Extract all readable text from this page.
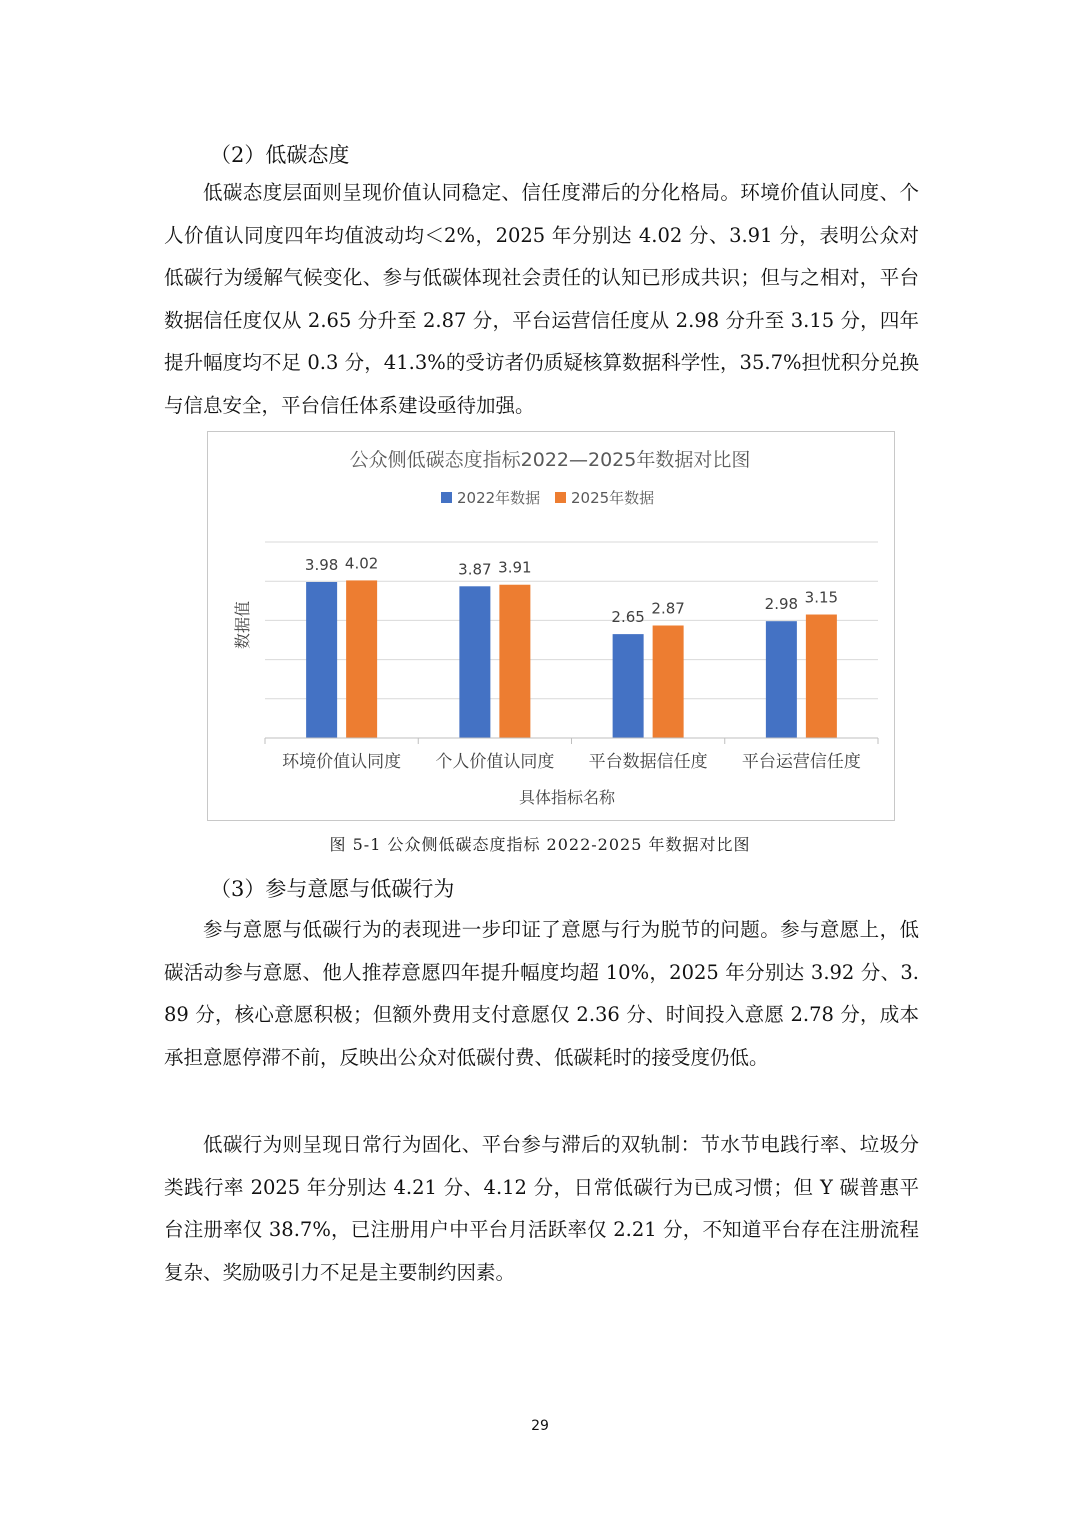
（2）低碳态度

低碳态度层面则呈现价值认同稳定、信任度滞后的分化格局。环境价值认同度、个人价值认同度四年均值波动均＜2%，2025 年分别达 4.02 分、3.91 分，表明公众对低碳行为缓解气候变化、参与低碳体现社会责任的认知已形成共识；但与之相对，平台数据信任度仅从 2.65 分升至 2.87 分，平台运营信任度从 2.98 分升至 3.15 分，四年提升幅度均不足 0.3 分，41.3%的受访者仍质疑核算数据科学性，35.7%担忧积分兑换与信息安全，平台信任体系建设亟待加强。

公众侧低碳态度指标2022—2025年数据对比图
2022年数据 2025年数据
3.98 4.02	3.87 3.91
2.65 2.87	2.98 3.15
环境价值认同度 个人价值认同度 平台数据信任度 平台运营信任度
具体指标名称
数据值

图 5-1 公众侧低碳态度指标 2022-2025 年数据对比图

（3）参与意愿与低碳行为

参与意愿与低碳行为的表现进一步印证了意愿与行为脱节的问题。参与意愿上，低碳活动参与意愿、他人推荐意愿四年提升幅度均超 10%，2025 年分别达 3.92 分、3.89 分，核心意愿积极；但额外费用支付意愿仅 2.36 分、时间投入意愿 2.78 分，成本承担意愿停滞不前，反映出公众对低碳付费、低碳耗时的接受度仍低。

低碳行为则呈现日常行为固化、平台参与滞后的双轨制：节水节电践行率、垃圾分类践行率 2025 年分别达 4.21 分、4.12 分，日常低碳行为已成习惯；但 Y 碳普惠平台注册率仅 38.7%，已注册用户中平台月活跃率仅 2.21 分，不知道平台存在注册流程复杂、奖励吸引力不足是主要制约因素。

29
